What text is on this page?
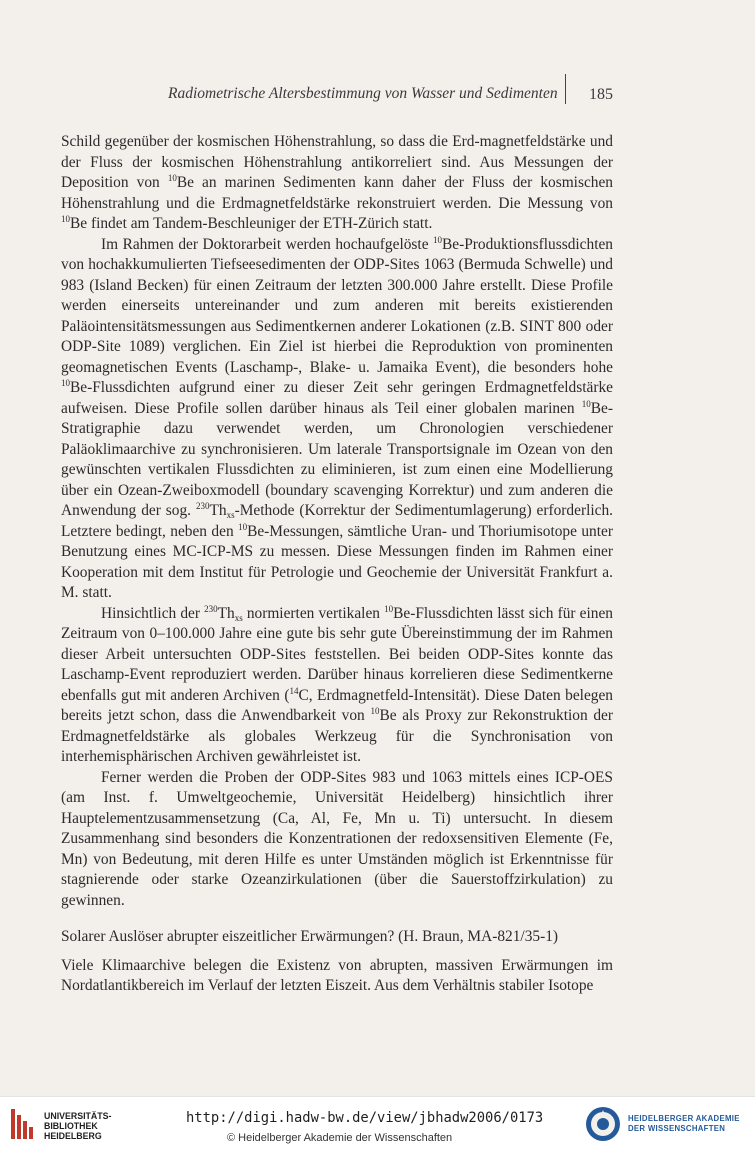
Radiometrische Altersbestimmung von Wasser und Sedimenten 185

Schild gegenüber der kosmischen Höhenstrahlung, so dass die Erd-magnetfeldstärke und der Fluss der kosmischen Höhenstrahlung antikorreliert sind. Aus Messungen der Deposition von $^{10}$Be an marinen Sedimenten kann daher der Fluss der kosmischen Höhenstrahlung und die Erdmagnetfeldstärke rekonstruiert werden. Die Messung von $^{10}$Be findet am Tandem-Beschleuniger der ETH-Zürich statt.

Im Rahmen der Doktorarbeit werden hochaufgelöste $^{10}$Be-Produktionsflussdichten von hochakkumulierten Tiefseesedimenten der ODP-Sites 1063 (Bermuda Schwelle) und 983 (Island Becken) für einen Zeitraum der letzten 300.000 Jahre erstellt. Diese Profile werden einerseits untereinander und zum anderen mit bereits existierenden Paläointensitätsmessungen aus Sedimentkernen anderer Lokationen (z.B. SINT 800 oder ODP-Site 1089) verglichen. Ein Ziel ist hierbei die Reproduktion von prominenten geomagnetischen Events (Laschamp-, Blake- u. Jamaika Event), die besonders hohe $^{10}$Be-Flussdichten aufgrund einer zu dieser Zeit sehr geringen Erdmagnetfeldstärke aufweisen. Diese Profile sollen darüber hinaus als Teil einer globalen marinen $^{10}$Be-Stratigraphie dazu verwendet werden, um Chronologien verschiedener Paläoklimaarchive zu synchronisieren. Um laterale Transportsignale im Ozean von den gewünschten vertikalen Flussdichten zu eliminieren, ist zum einen eine Modellierung über ein Ozean-Zweiboxmodell (boundary scavenging Korrektur) und zum anderen die Anwendung der sog. $^{230}Th_{xs}$-Methode (Korrektur der Sedimentumlagerung) erforderlich. Letztere bedingt, neben den $^{10}$Be-Messungen, sämtliche Uran- und Thoriumisotope unter Benutzung eines MC-ICP-MS zu messen. Diese Messungen finden im Rahmen einer Kooperation mit dem Institut für Petrologie und Geochemie der Universität Frankfurt a. M. statt.

Hinsichtlich der $^{230}Th_{xs}$ normierten vertikalen $^{10}$Be-Flussdichten lässt sich für einen Zeitraum von 0–100.000 Jahre eine gute bis sehr gute Übereinstimmung der im Rahmen dieser Arbeit untersuchten ODP-Sites feststellen. Bei beiden ODP-Sites konnte das Laschamp-Event reproduziert werden. Darüber hinaus korrelieren diese Sedimentkerne ebenfalls gut mit anderen Archiven ($^{14}$C, Erdmagnetfeld-Intensität). Diese Daten belegen bereits jetzt schon, dass die Anwendbarkeit von $^{10}$Be als Proxy zur Rekonstruktion der Erdmagnetfeldstärke als globales Werkzeug für die Synchronisation von interhemisphärischen Archiven gewährleistet ist.

Ferner werden die Proben der ODP-Sites 983 und 1063 mittels eines ICP-OES (am Inst. f. Umweltgeochemie, Universität Heidelberg) hinsichtlich ihrer Hauptelementzusammensetzung (Ca, Al, Fe, Mn u. Ti) untersucht. In diesem Zusammenhang sind besonders die Konzentrationen der redoxsensitiven Elemente (Fe, Mn) von Bedeutung, mit deren Hilfe es unter Umständen möglich ist Erkenntnisse für stagnierende oder starke Ozeanzirkulationen (über die Sauerstoffzirkulation) zu gewinnen.

Solarer Auslöser abrupter eiszeitlicher Erwärmungen? (H. Braun, MA-821/35-1)

Viele Klimaarchive belegen die Existenz von abrupten, massiven Erwärmungen im Nordatlantikbereich im Verlauf der letzten Eiszeit. Aus dem Verhältnis stabiler Isotope

UNIVERSITÄTS-
BIBLIOTHEK
HEIDELBERG
http://digi.hadw-bw.de/view/jbhadw2006/0173
© Heidelberger Akademie der Wissenschaften
HEIDELBERGER AKADEMIE
DER WISSENSCHAFTEN
